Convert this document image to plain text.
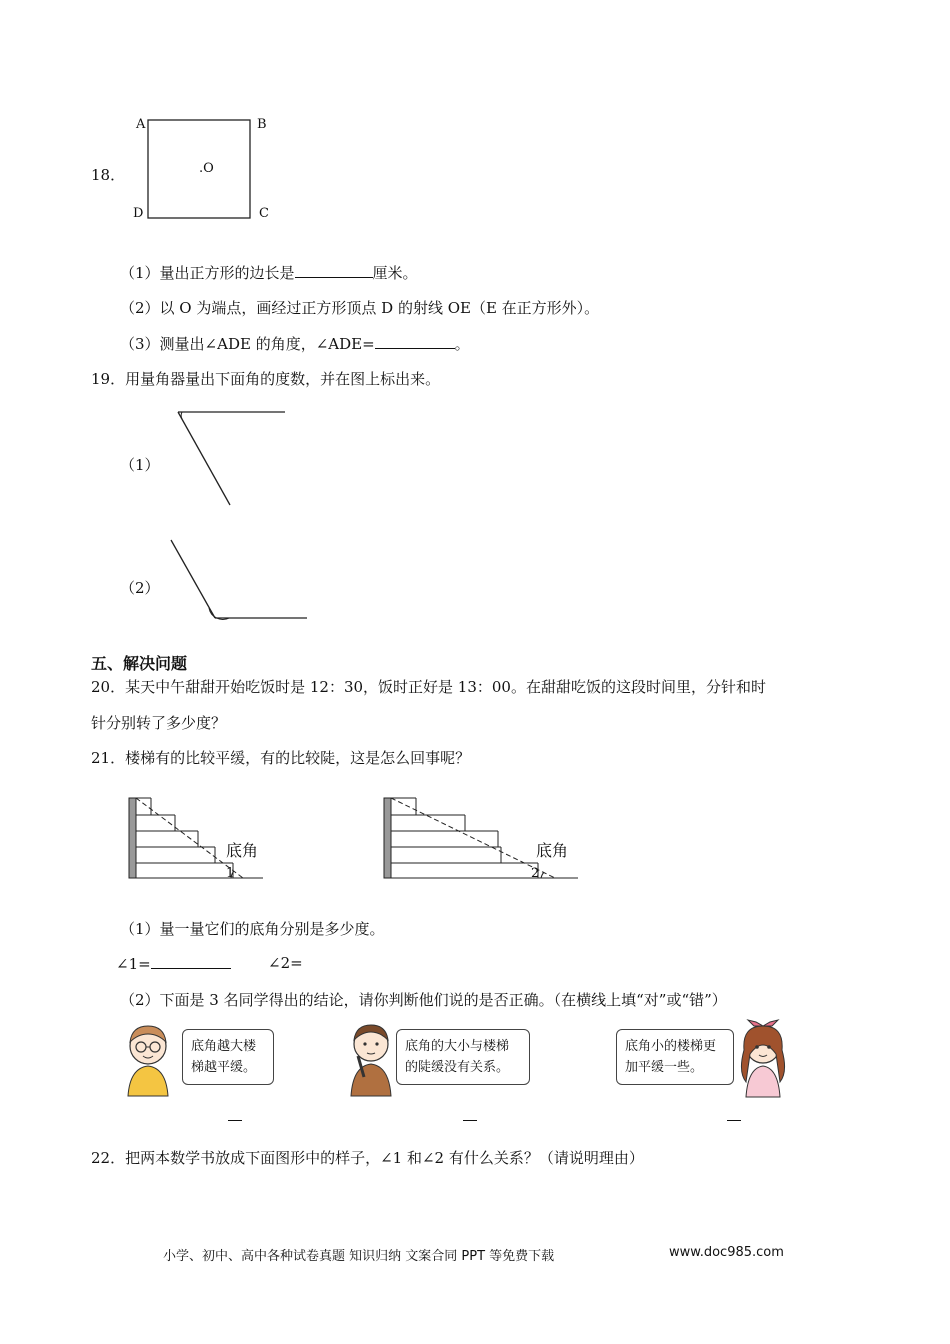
18．
A	B
C
D
.O
（1）量出正方形的边长是	厘米。
（2）以 O 为端点，画经过正方形顶点 D 的射线 OE（E 在正方形外）。
（3）测量出∠ADE 的角度，∠ADE=	。
19．用量角器量出下面角的度数，并在图上标出来。
（1）
（2）
五、解决问题
20．某天中午甜甜开始吃饭时是 12：30，饭时正好是 13：00。在甜甜吃饭的这段时间里，分针和时
针分别转了多少度？
21．楼梯有的比较平缓，有的比较陡，这是怎么回事呢？
底角
1
底角
2
（1）量一量它们的底角分别是多少度。
∠1=	∠2=
（2）下面是 3 名同学得出的结论，请你判断他们说的是否正确。（在横线上填“对”或“错”）
底角越大楼梯越平缓。
底角的大小与楼梯的陡缓没有关系。
底角小的楼梯更加平缓一些。
22．把两本数学书放成下面图形中的样子，∠1 和∠2 有什么关系？（请说明理由）
小学、初中、高中各种试卷真题 知识归纳 文案合同 PPT 等免费下载	www.doc985.com
